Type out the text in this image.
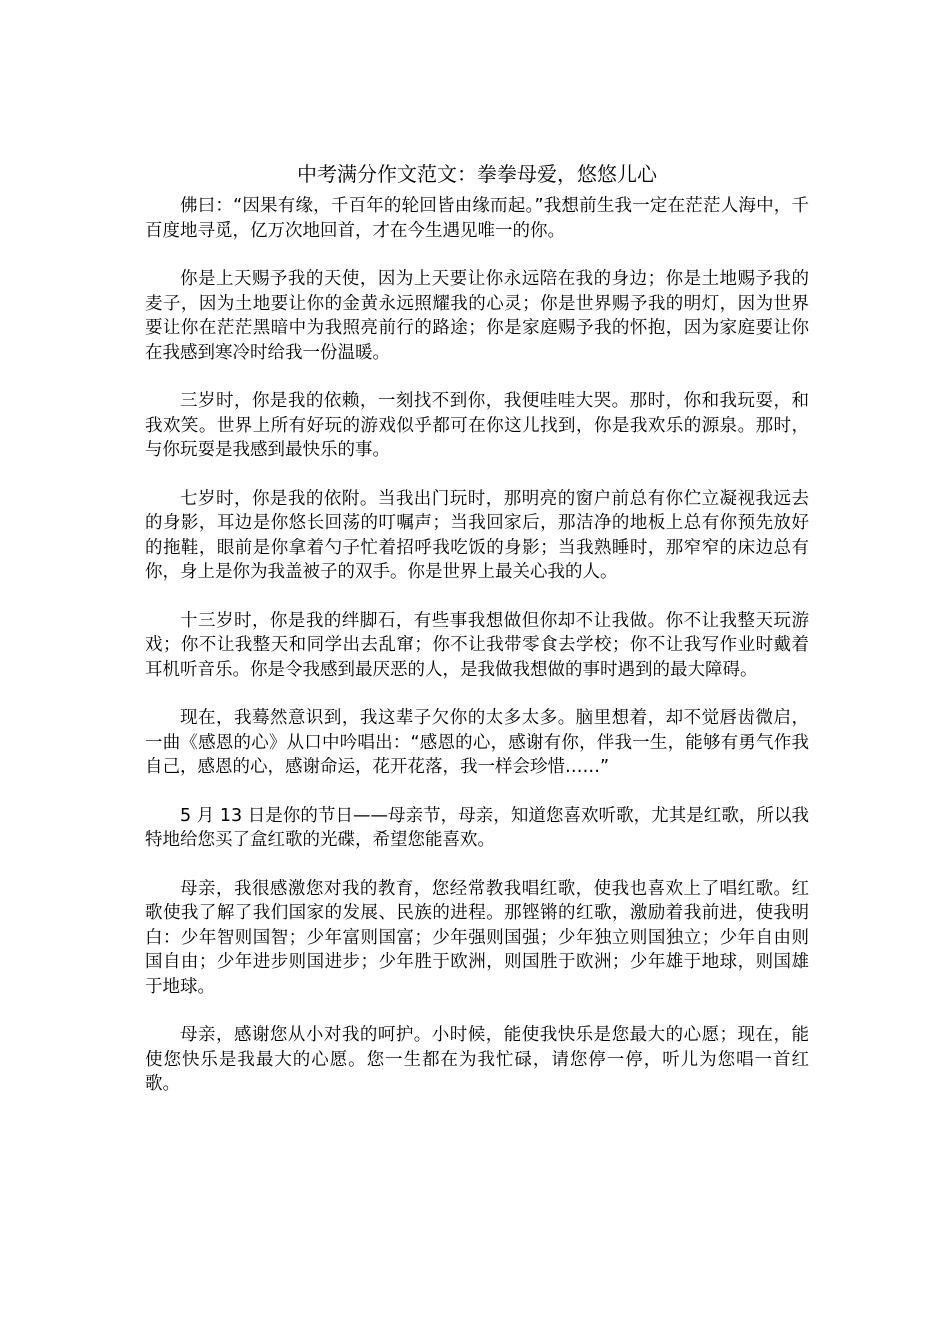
中考满分作文范文：拳拳母爱，悠悠儿心

佛曰：“因果有缘，千百年的轮回皆由缘而起。”我想前生我一定在茫茫人海中，千百度地寻觅，亿万次地回首，才在今生遇见唯一的你。

你是上天赐予我的天使，因为上天要让你永远陪在我的身边；你是土地赐予我的麦子，因为土地要让你的金黄永远照耀我的心灵；你是世界赐予我的明灯，因为世界要让你在茫茫黑暗中为我照亮前行的路途；你是家庭赐予我的怀抱，因为家庭要让你在我感到寒冷时给我一份温暖。

三岁时，你是我的依赖，一刻找不到你，我便哇哇大哭。那时，你和我玩耍，和我欢笑。世界上所有好玩的游戏似乎都可在你这儿找到，你是我欢乐的源泉。那时，与你玩耍是我感到最快乐的事。

七岁时，你是我的依附。当我出门玩时，那明亮的窗户前总有你伫立凝视我远去的身影，耳边是你悠长回荡的叮嘱声；当我回家后，那洁净的地板上总有你预先放好的拖鞋，眼前是你拿着勺子忙着招呼我吃饭的身影；当我熟睡时，那窄窄的床边总有你，身上是你为我盖被子的双手。你是世界上最关心我的人。

十三岁时，你是我的绊脚石，有些事我想做但你却不让我做。你不让我整天玩游戏；你不让我整天和同学出去乱窜；你不让我带零食去学校；你不让我写作业时戴着耳机听音乐。你是令我感到最厌恶的人，是我做我想做的事时遇到的最大障碍。

现在，我蓦然意识到，我这辈子欠你的太多太多。脑里想着，却不觉唇齿微启，一曲《感恩的心》从口中吟唱出：“感恩的心，感谢有你，伴我一生，能够有勇气作我自己，感恩的心，感谢命运，花开花落，我一样会珍惜……”

5 月 13 日是你的节日——母亲节，母亲，知道您喜欢听歌，尤其是红歌，所以我特地给您买了盒红歌的光碟，希望您能喜欢。

母亲，我很感激您对我的教育，您经常教我唱红歌，使我也喜欢上了唱红歌。红歌使我了解了我们国家的发展、民族的进程。那铿锵的红歌，激励着我前进，使我明白：少年智则国智；少年富则国富；少年强则国强；少年独立则国独立；少年自由则国自由；少年进步则国进步；少年胜于欧洲，则国胜于欧洲；少年雄于地球，则国雄于地球。

母亲，感谢您从小对我的呵护。小时候，能使我快乐是您最大的心愿；现在，能使您快乐是我最大的心愿。您一生都在为我忙碌，请您停一停，听儿为您唱一首红歌。
